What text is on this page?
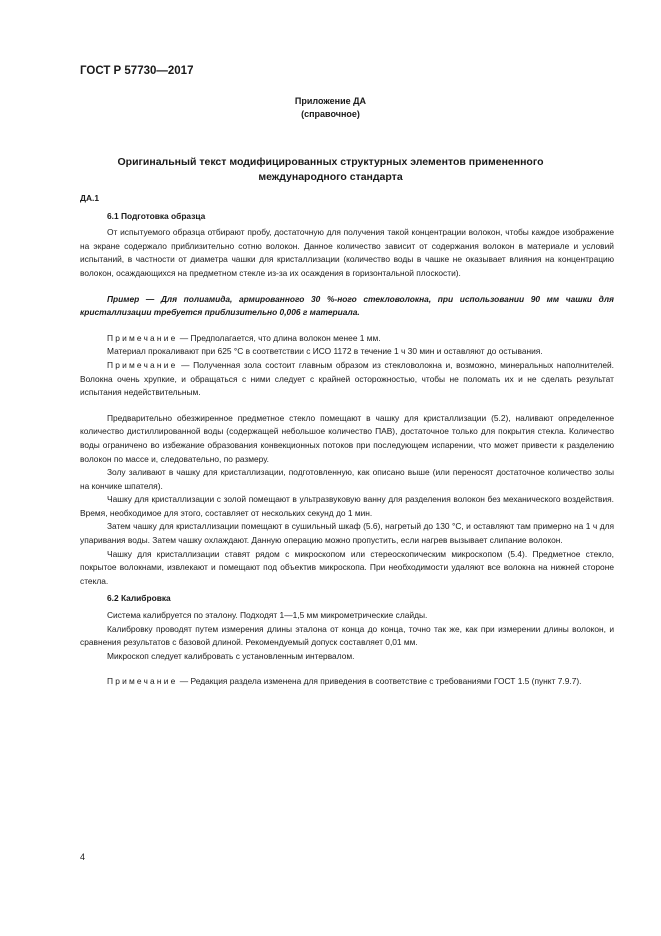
ГОСТ Р 57730—2017
Приложение ДА
(справочное)
Оригинальный текст модифицированных структурных элементов примененного
международного стандарта

ДА.1

6.1 Подготовка образца

От испытуемого образца отбирают пробу, достаточную для получения такой концентрации волокон, чтобы каждое изображение на экране содержало приблизительно сотню волокон. Данное количество зависит от содержания волокон в материале и условий испытаний, в частности от диаметра чашки для кристаллизации (количество воды в чашке не оказывает влияния на концентрацию волокон, осаждающихся на предметном стекле из-за их осаждения в горизонтальной плоскости).

Пример — Для полиамида, армированного 30 %-ного стекловолокна, при использовании 90 мм чашки для кристаллизации требуется приблизительно 0,006 г материала.

Примечание — Предполагается, что длина волокон менее 1 мм.

Материал прокаливают при 625 °С в соответствии с ИСО 1172 в течение 1 ч 30 мин и оставляют до остывания.

Примечание — Полученная зола состоит главным образом из стекловолокна и, возможно, минеральных наполнителей. Волокна очень хрупкие, и обращаться с ними следует с крайней осторожностью, чтобы не поломать их и не сделать результат испытания недействительным.

Предварительно обезжиренное предметное стекло помещают в чашку для кристаллизации (5.2), наливают определенное количество дистиллированной воды (содержащей небольшое количество ПАВ), достаточное только для покрытия стекла. Количество воды ограничено во избежание образования конвекционных потоков при последующем испарении, что может привести к разделению волокон по массе и, следовательно, по размеру.

Золу заливают в чашку для кристаллизации, подготовленную, как описано выше (или переносят достаточное количество золы на кончике шпателя).

Чашку для кристаллизации с золой помещают в ультразвуковую ванну для разделения волокон без механического воздействия. Время, необходимое для этого, составляет от нескольких секунд до 1 мин.

Затем чашку для кристаллизации помещают в сушильный шкаф (5.6), нагретый до 130 °С, и оставляют там примерно на 1 ч для упаривания воды. Затем чашку охлаждают. Данную операцию можно пропустить, если нагрев вызывает слипание волокон.

Чашку для кристаллизации ставят рядом с микроскопом или стереоскопическим микроскопом (5.4). Предметное стекло, покрытое волокнами, извлекают и помещают под объектив микроскопа. При необходимости удаляют все волокна на нижней стороне стекла.

6.2 Калибровка

Система калибруется по эталону. Подходят 1—1,5 мм микрометрические слайды.

Калибровку проводят путем измерения длины эталона от конца до конца, точно так же, как при измерении длины волокон, и сравнения результатов с базовой длиной. Рекомендуемый допуск составляет 0,01 мм.

Микроскоп следует калибровать с установленным интервалом.

Примечание — Редакция раздела изменена для приведения в соответствие с требованиями ГОСТ 1.5 (пункт 7.9.7).

4
